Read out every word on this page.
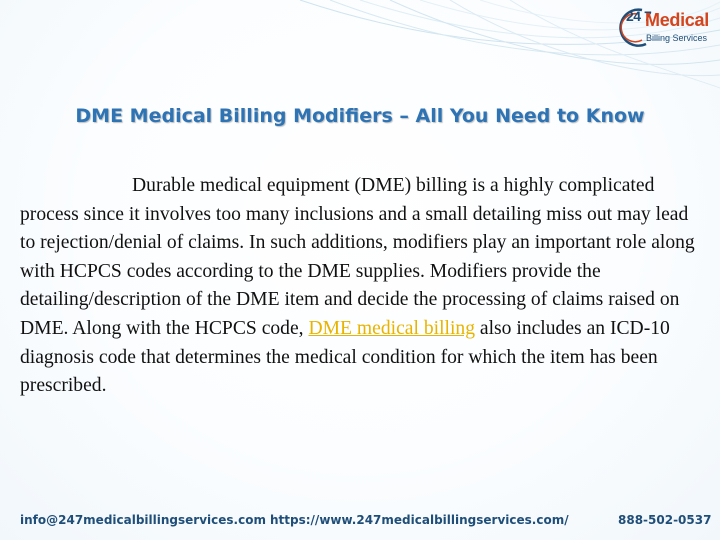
24 7
Medical
Billing Services
DME Medical Billing Modifiers – All You Need to Know

Durable medical equipment (DME) billing is a highly complicated process since it involves too many inclusions and a small detailing miss out may lead to rejection/denial of claims. In such additions, modifiers play an important role along with HCPCS codes according to the DME supplies. Modifiers provide the detailing/description of the DME item and decide the processing of claims raised on DME. Along with the HCPCS code, DME medical billing also includes an ICD-10 diagnosis code that determines the medical condition for which the item has been prescribed.

info@247medicalbillingservices.com https://www.247medicalbillingservices.com/	888-502-0537
